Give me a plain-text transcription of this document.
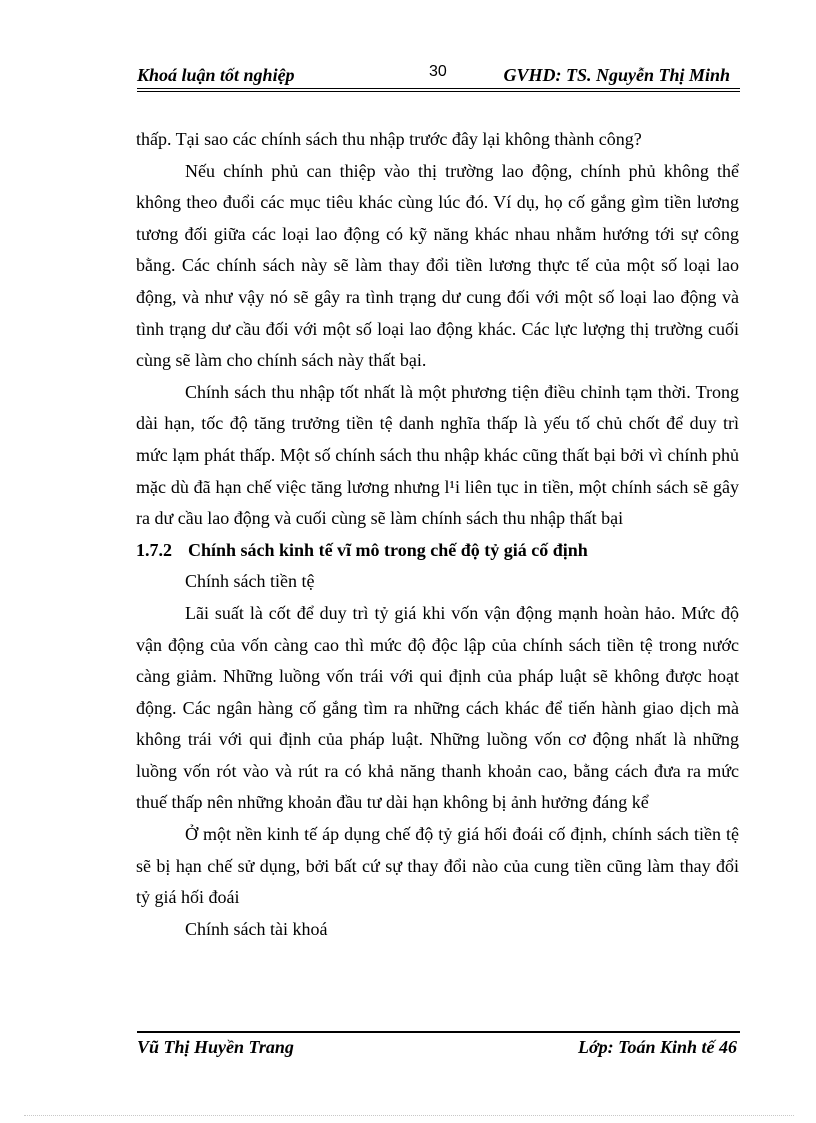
Khoá luận tốt nghiệp	30	GVHD: TS. Nguyễn Thị Minh

thấp. Tại sao các chính sách thu nhập trước đây lại không thành công?

Nếu chính phủ can thiệp vào thị trường lao động, chính phủ không thể không theo đuổi các mục tiêu khác cùng lúc đó. Ví dụ, họ cố gắng gìm tiền lương tương đối giữa các loại lao động có kỹ năng khác nhau nhằm hướng tới sự công bằng. Các chính sách này sẽ làm thay đổi tiền lương thực tế của một số loại lao động, và như vậy nó sẽ gây ra tình trạng dư cung đối với một số loại lao động và tình trạng dư cầu đối với một số loại lao động khác. Các lực lượng thị trường cuối cùng sẽ làm cho chính sách này thất bại.

Chính sách thu nhập tốt nhất là một phương tiện điều chỉnh tạm thời. Trong dài hạn, tốc độ tăng trưởng tiền tệ danh nghĩa thấp là yếu tố chủ chốt để duy trì mức lạm phát thấp. Một số chính sách thu nhập khác cũng thất bại bởi vì chính phủ mặc dù đã hạn chế việc tăng lương nhưng l¹i liên tục in tiền, một chính sách sẽ gây ra dư cầu lao động và cuối cùng sẽ làm chính sách thu nhập thất bại

1.7.2 Chính sách kinh tế vĩ mô trong chế độ tỷ giá cố định

Chính sách tiền tệ

Lãi suất là cốt để duy trì tỷ giá khi vốn vận động mạnh hoàn hảo. Mức độ vận động của vốn càng cao thì mức độ độc lập của chính sách tiền tệ trong nước càng giảm. Những luồng vốn trái với qui định của pháp luật sẽ không được hoạt động. Các ngân hàng cố gắng tìm ra những cách khác để tiến hành giao dịch mà không trái với qui định của pháp luật. Những luồng vốn cơ động nhất là những luồng vốn rót vào và rút ra có khả năng thanh khoản cao, bằng cách đưa ra mức thuế thấp nên những khoản đầu tư dài hạn không bị ảnh hưởng đáng kể

Ở một nền kinh tế áp dụng chế độ tỷ giá hối đoái cố định, chính sách tiền tệ sẽ bị hạn chế sử dụng, bởi bất cứ sự thay đổi nào của cung tiền cũng làm thay đổi tỷ giá hối đoái

Chính sách tài khoá

Vũ Thị Huyền Trang	Lớp: Toán Kinh tế 46
